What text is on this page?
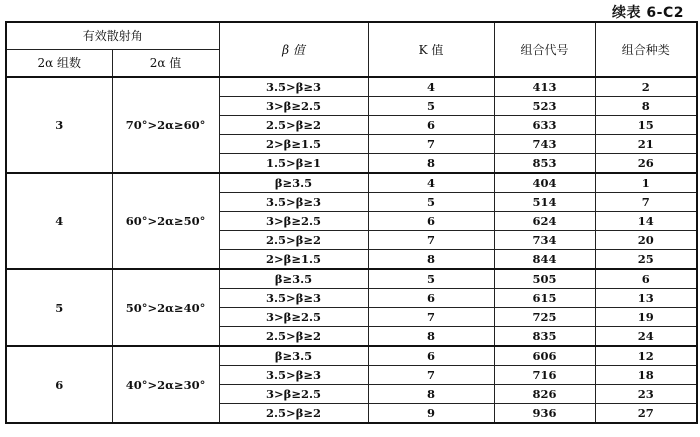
续表 6-C2
有效散射角		β 值	K 值	组合代号	组合种类
2α 组数	2α 值				
3	70°>2α≥60°	3.5>β≥3	4	413	2
		3>β≥2.5	5	523	8
		2.5>β≥2	6	633	15
		2>β≥1.5	7	743	21
		1.5>β≥1	8	853	26
4	60°>2α≥50°	β≥3.5	4	404	1
		3.5>β≥3	5	514	7
		3>β≥2.5	6	624	14
		2.5>β≥2	7	734	20
		2>β≥1.5	8	844	25
5	50°>2α≥40°	β≥3.5	5	505	6
		3.5>β≥3	6	615	13
		3>β≥2.5	7	725	19
		2.5>β≥2	8	835	24
6	40°>2α≥30°	β≥3.5	6	606	12
		3.5>β≥3	7	716	18
		3>β≥2.5	8	826	23
		2.5>β≥2	9	936	27
